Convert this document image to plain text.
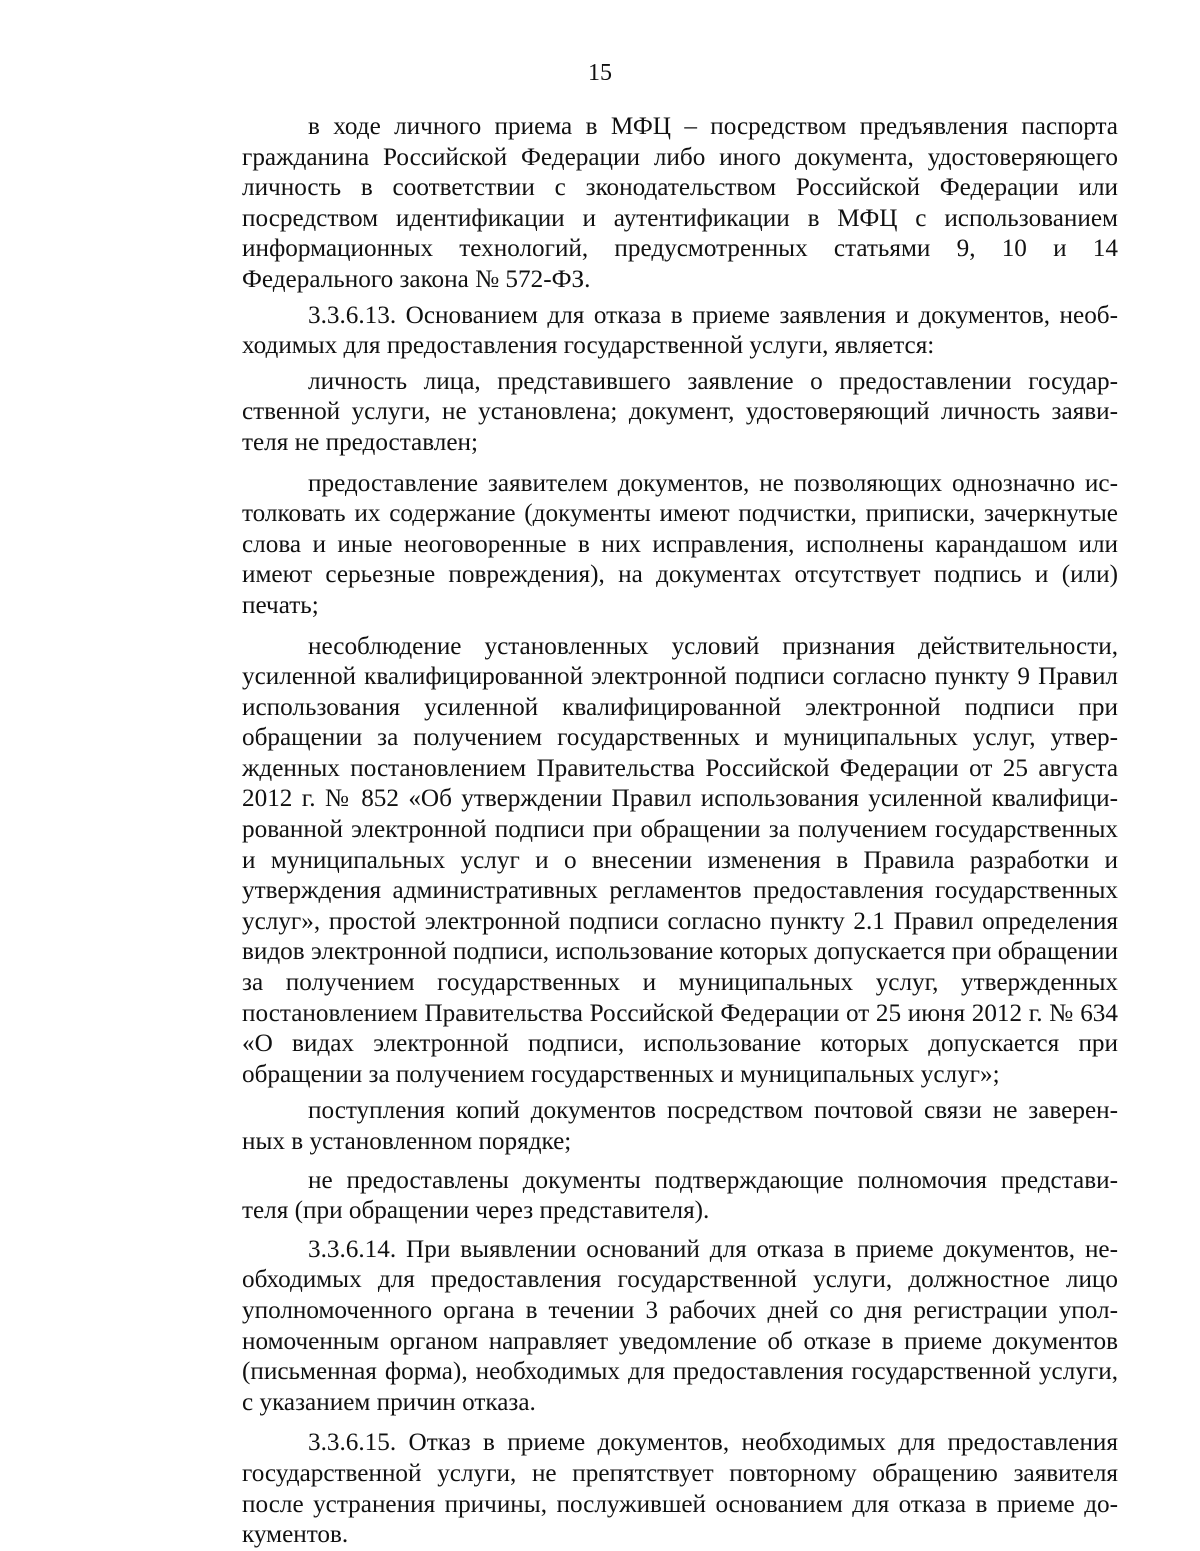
15

в ходе личного приема в МФЦ – посредством предъявления паспорта гражданина Российской Федерации либо иного документа, удостоверяющего личность в соответствии с зконодательством Российской Федерации или посредством идентификации и аутентификации в МФЦ с использованием информационных технологий, предусмотренных статьями 9, 10 и 14 Федерального закона № 572-ФЗ.

3.3.6.13. Основанием для отказа в приеме заявления и документов, необходимых для предоставления государственной услуги, является:

личность лица, представившего заявление о предоставлении государственной услуги, не установлена; документ, удостоверяющий личность заявителя не предоставлен;

предоставление заявителем документов, не позволяющих однозначно истолковать их содержание (документы имеют подчистки, приписки, зачеркнутые слова и иные неоговоренные в них исправления, исполнены карандашом или имеют серьезные повреждения), на документах отсутствует подпись и (или) печать;

несоблюдение установленных условий признания действительности, усиленной квалифицированной электронной подписи согласно пункту 9 Правил использования усиленной квалифицированной электронной подписи при обращении за получением государственных и муниципальных услуг, утвержденных постановлением Правительства Российской Федерации от 25 августа 2012 г. № 852 «Об утверждении Правил использования усиленной квалифицированной электронной подписи при обращении за получением государственных и муниципальных услуг и о внесении изменения в Правила разработки и утверждения административных регламентов предоставления государственных услуг», простой электронной подписи согласно пункту 2.1 Правил определения видов электронной подписи, использование которых допускается при обращении за получением государственных и муниципальных услуг, утвержденных постановлением Правительства Российской Федерации от 25 июня 2012 г. № 634 «О видах электронной подписи, использование которых допускается при обращении за получением государственных и муниципальных услуг»;

поступления копий документов посредством почтовой связи не заверенных в установленном порядке;

не предоставлены документы подтверждающие полномочия представителя (при обращении через представителя).

3.3.6.14. При выявлении оснований для отказа в приеме документов, необходимых для предоставления государственной услуги, должностное лицо уполномоченного органа в течении 3 рабочих дней со дня регистрации уполномоченным органом направляет уведомление об отказе в приеме документов (письменная форма), необходимых для предоставления государственной услуги, с указанием причин отказа.

3.3.6.15. Отказ в приеме документов, необходимых для предоставления государственной услуги, не препятствует повторному обращению заявителя после устранения причины, послужившей основанием для отказа в приеме документов.
